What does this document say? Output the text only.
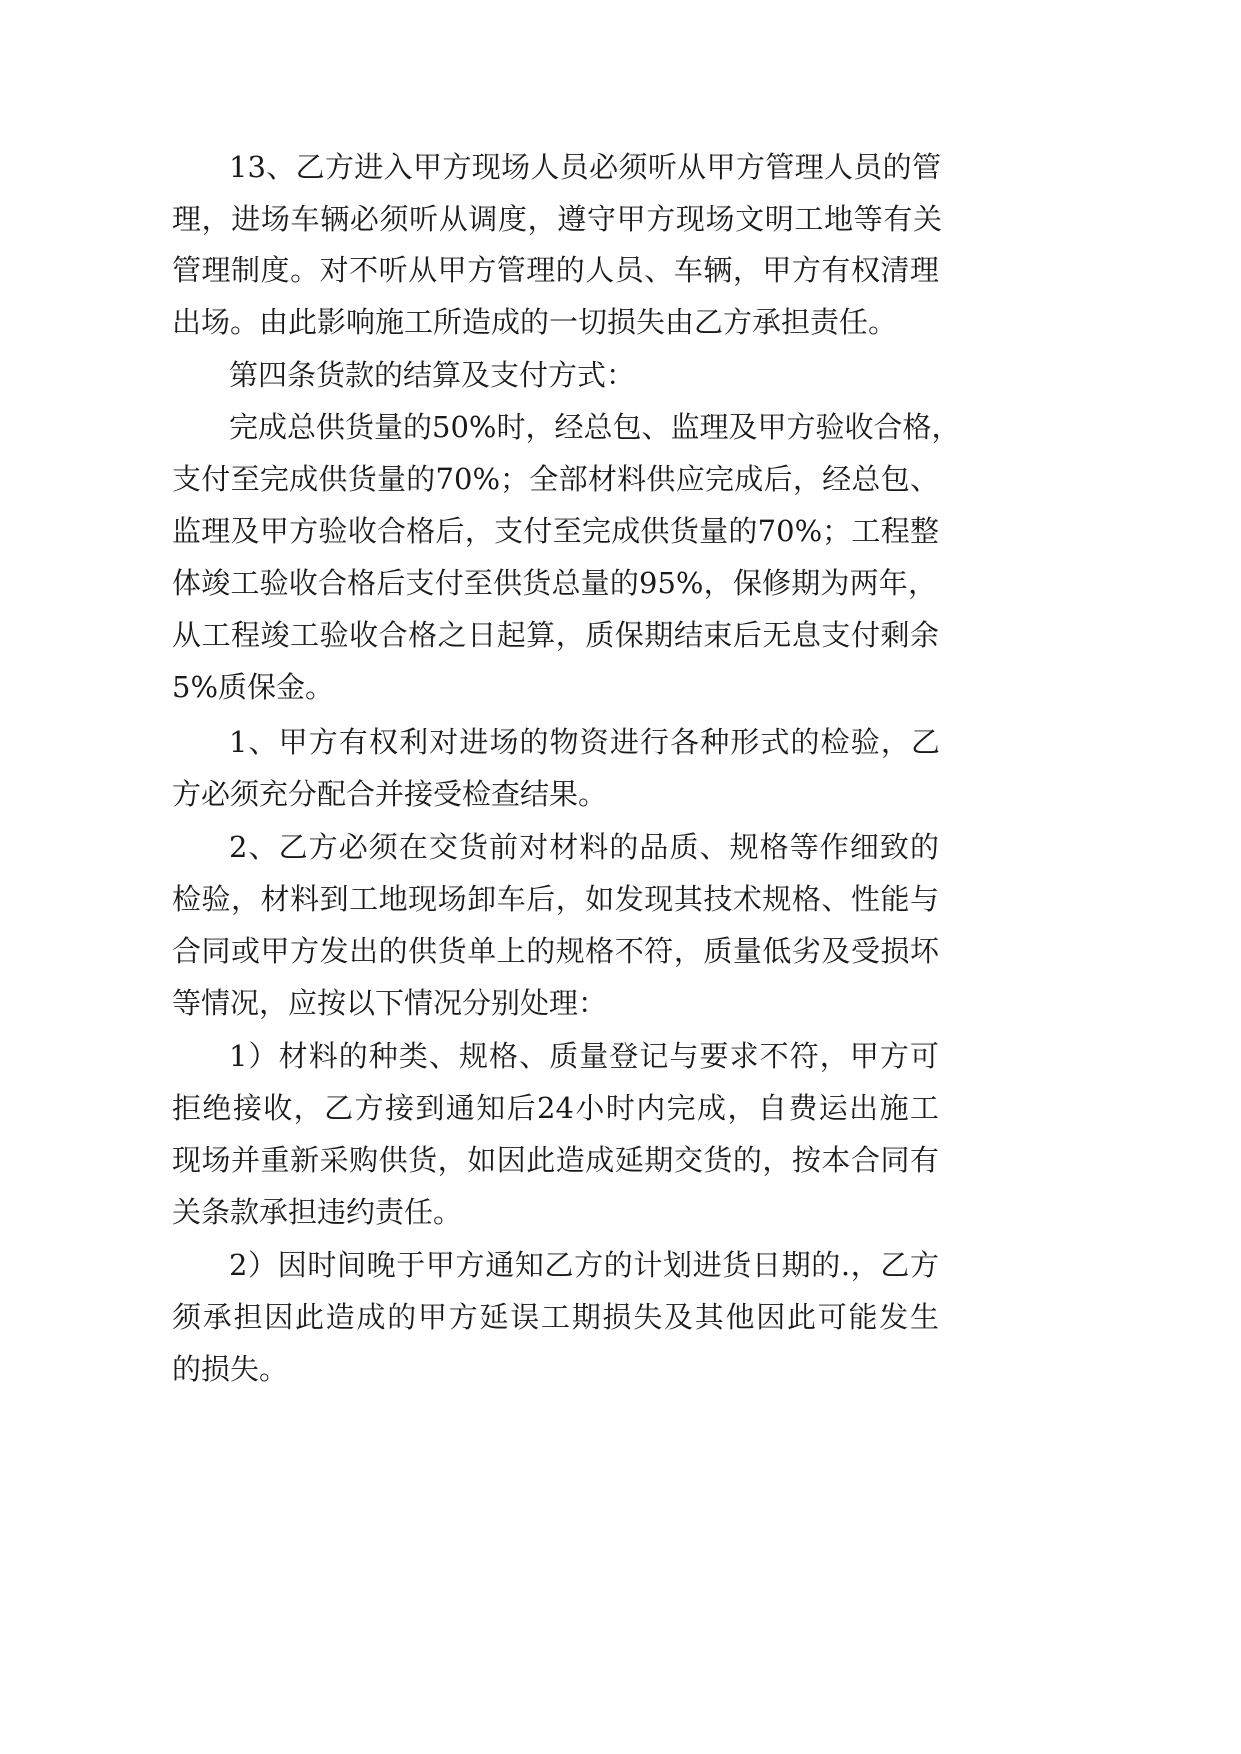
13、乙方进入甲方现场人员必须听从甲方管理人员的管
理，进场车辆必须听从调度，遵守甲方现场文明工地等有关
管理制度。对不听从甲方管理的人员、车辆，甲方有权清理
出场。由此影响施工所造成的一切损失由乙方承担责任。
第四条货款的结算及支付方式：
完成总供货量的50%时，经总包、监理及甲方验收合格，
支付至完成供货量的70%；全部材料供应完成后，经总包、
监理及甲方验收合格后，支付至完成供货量的70%；工程整
体竣工验收合格后支付至供货总量的95%，保修期为两年，
从工程竣工验收合格之日起算，质保期结束后无息支付剩余
5%质保金。
1、甲方有权利对进场的物资进行各种形式的检验，乙
方必须充分配合并接受检查结果。
2、乙方必须在交货前对材料的品质、规格等作细致的
检验，材料到工地现场卸车后，如发现其技术规格、性能与
合同或甲方发出的供货单上的规格不符，质量低劣及受损坏
等情况，应按以下情况分别处理：
1）材料的种类、规格、质量登记与要求不符，甲方可
拒绝接收，乙方接到通知后24小时内完成，自费运出施工
现场并重新采购供货，如因此造成延期交货的，按本合同有
关条款承担违约责任。
2）因时间晚于甲方通知乙方的计划进货日期的.，乙方
须承担因此造成的甲方延误工期损失及其他因此可能发生
的损失。
